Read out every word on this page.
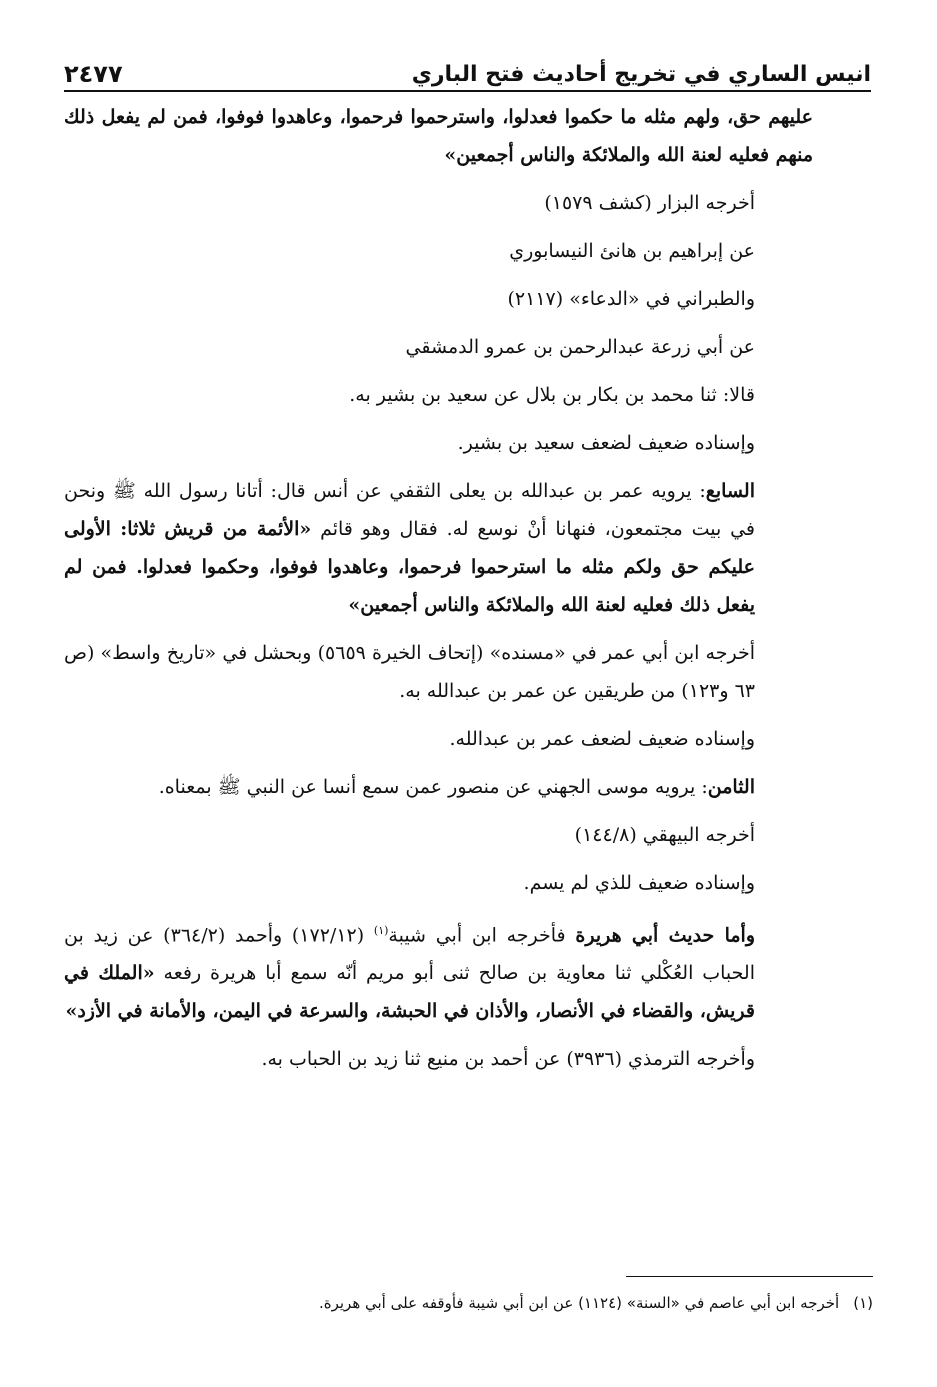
انيس الساري في تخريج أحاديث فتح الباري
٢٤٧٧

عليهم حق، ولهم مثله ما حكموا فعدلوا، واسترحموا فرحموا، وعاهدوا فوفوا، فمن لم يفعل ذلك منهم فعليه لعنة الله والملائكة والناس أجمعين»

أخرجه البزار (كشف ١٥٧٩)

عن إبراهيم بن هانئ النيسابوري

والطبراني في «الدعاء» (٢١١٧)

عن أبي زرعة عبدالرحمن بن عمرو الدمشقي

قالا: ثنا محمد بن بكار بن بلال عن سعيد بن بشير به.

وإسناده ضعيف لضعف سعيد بن بشير.

السابع: يرويه عمر بن عبدالله بن يعلى الثقفي عن أنس قال: أتانا رسول الله ﷺ ونحن في بيت مجتمعون، فنهانا أنْ نوسع له. فقال وهو قائم «الأئمة من قريش ثلاثا: الأولى عليكم حق ولكم مثله ما استرحموا فرحموا، وعاهدوا فوفوا، وحكموا فعدلوا. فمن لم يفعل ذلك فعليه لعنة الله والملائكة والناس أجمعين»

أخرجه ابن أبي عمر في «مسنده» (إتحاف الخيرة ٥٦٥٩) وبحشل في «تاريخ واسط» (ص ٦٣ و١٢٣) من طريقين عن عمر بن عبدالله به.

وإسناده ضعيف لضعف عمر بن عبدالله.

الثامن: يرويه موسى الجهني عن منصور عمن سمع أنسا عن النبي ﷺ بمعناه.

أخرجه البيهقي (١٤٤/٨)

وإسناده ضعيف للذي لم يسم.

وأما حديث أبي هريرة فأخرجه ابن أبي شيبة$^{(١)}$ (١٧٢/١٢) وأحمد (٣٦٤/٢) عن زيد بن الحباب العُكْلي ثنا معاوية بن صالح ثنى أبو مريم أنّه سمع أبا هريرة رفعه «الملك في قريش، والقضاء في الأنصار، والأذان في الحبشة، والسرعة في اليمن، والأمانة في الأزد»

وأخرجه الترمذي (٣٩٣٦) عن أحمد بن منيع ثنا زيد بن الحباب به.

(١)أخرجه ابن أبي عاصم في «السنة» (١١٢٤) عن ابن أبي شيبة فأوقفه على أبي هريرة.
